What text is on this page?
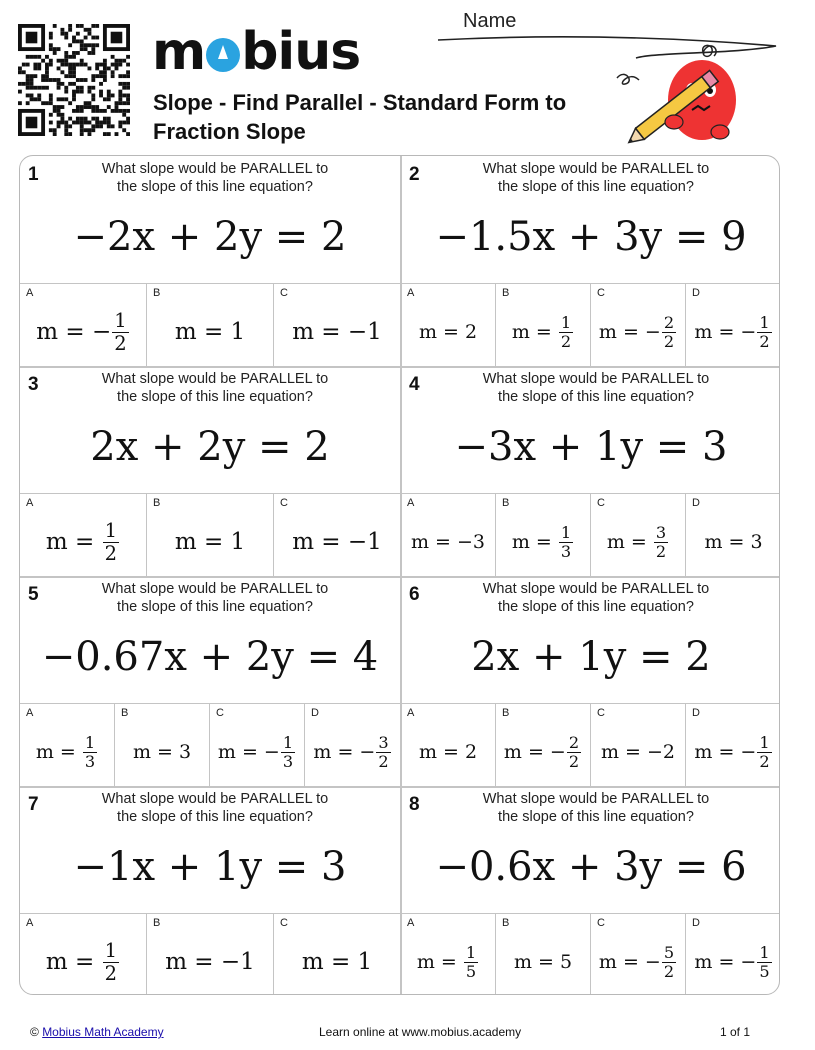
m bius
Slope - Find Parallel - Standard Form to Fraction Slope
Name
1	What slope would be PARALLEL to
the slope of this line equation?
−2x + 2y = 2
A
m = − $\frac{1}{2}$
B
m = 1
C
m = −1
2	What slope would be PARALLEL to
the slope of this line equation?
−1.5x + 3y = 9
A
m = 2
B
$m = \frac{1}{2}$
C
m = − $\frac{2}{2}$
D
m = − $\frac{1}{2}$
3	What slope would be PARALLEL to
the slope of this line equation?
2x + 2y = 2
A
$m = \frac{1}{2}$
B
m = 1
C
m = −1
4	What slope would be PARALLEL to
the slope of this line equation?
−3x + 1y = 3
A
m = −3
B
$m = \frac{1}{3}$
C
$m = \frac{3}{2}$
D
m = 3
5	What slope would be PARALLEL to
the slope of this line equation?
−0.67x + 2y = 4
A
$m = \frac{1}{3}$
B
m = 3
C
m = − $\frac{1}{3}$
D
m = − $\frac{3}{2}$
6	What slope would be PARALLEL to
the slope of this line equation?
2x + 1y = 2
A
m = 2
B
m = − $\frac{2}{2}$
C
m = −2
D
m = − $\frac{1}{2}$
7	What slope would be PARALLEL to
the slope of this line equation?
−1x + 1y = 3
A
$m = \frac{1}{2}$
B
m = −1
C
m = 1
8	What slope would be PARALLEL to
the slope of this line equation?
−0.6x + 3y = 6
A
$m = \frac{1}{5}$
B
m = 5
C
m = − $\frac{5}{2}$
D
m = − $\frac{1}{5}$
© Mobius Math Academy	Learn online at www.mobius.academy	1 of 1
